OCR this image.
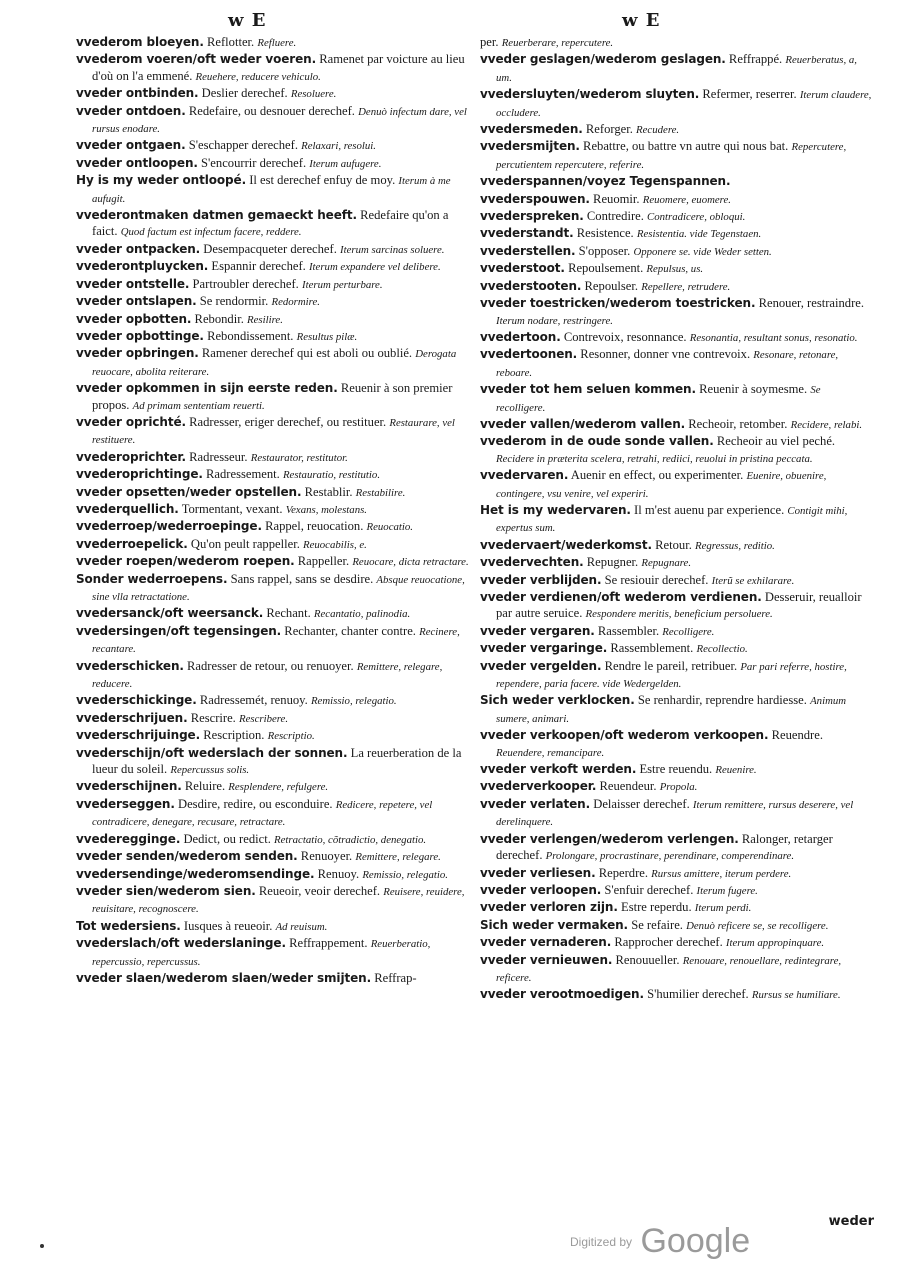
w E	w E

vvederom bloeyen. Reflotter. Refluere.

vvederom voeren/oft weder voeren. Ramenet par voicture au lieu d'où on l'a emmené. Reuehere, reducere vehiculo.

vveder ontbinden. Deslier derechef. Resoluere.

vveder ontdoen. Redefaire, ou desnouer derechef. Denuò infectum dare, vel rursus enodare.

vveder ontgaen. S'eschapper derechef. Relaxari, resolui.

vveder ontloopen. S'encourrir derechef. Iterum aufugere.

Hy is my weder ontloopé. Il est derechef enfuy de moy. Iterum à me aufugit.

vvederontmaken datmen gemaeckt heeft. Redefaire qu'on a faict. Quod factum est infectum facere, reddere.

vveder ontpacken. Desempacqueter derechef. Iterum sarcinas soluere.

vvederontpluycken. Espannir derechef. Iterum expandere vel delibere.

vveder ontstelle. Partroubler derechef. Iterum perturbare.

vveder ontslapen. Se rendormir. Redormire.

vveder opbotten. Rebondir. Resilire.

vveder opbottinge. Rebondissement. Resultus pilæ.

vveder opbringen. Ramener derechef qui est aboli ou oublié. Derogata reuocare, abolita reiterare.

vveder opkommen in sijn eerste reden. Reuenir à son premier propos. Ad primam sententiam reuerti.

vveder oprichté. Radresser, eriger derechef, ou restituer. Restaurare, vel restituere.

vvederoprichter. Radresseur. Restaurator, restitutor.

vvederoprichtinge. Radressement. Restauratio, restitutio.

vveder opsetten/weder opstellen. Restablir. Restabilire.

vvederquellich. Tormentant, vexant. Vexans, molestans.

vvederroep/wederroepinge. Rappel, reuocation. Reuocatio.

vvederroepelick. Qu'on peult rappeller. Reuocabilis, e.

vveder roepen/wederom roepen. Rappeller. Reuocare, dicta retractare.

Sonder wederroepens. Sans rappel, sans se desdire. Absque reuocatione, sine vlla retractatione.

vvedersanck/oft weersanck. Rechant. Recantatio, palinodia.

vvedersingen/oft tegensingen. Rechanter, chanter contre. Recinere, recantare.

vvederschicken. Radresser de retour, ou renuoyer. Remittere, relegare, reducere.

vvederschickinge. Radressemét, renuoy. Remissio, relegatio.

vvederschrijuen. Rescrire. Rescribere.

vvederschrijuinge. Rescription. Rescriptio.

vvederschijn/oft wederslach der sonnen. La reuerberation de la lueur du soleil. Repercussus solis.

vvederschijnen. Reluire. Resplendere, refulgere.

vvederseggen. Desdire, redire, ou esconduire. Redicere, repetere, vel contradicere, denegare, recusare, retractare.

vvederegginge. Dedict, ou redict. Retractatio, cõtradictio, denegatio.

vveder senden/wederom senden. Renuoyer. Remittere, relegare.

vvedersendinge/wederomsendinge. Renuoy. Remissio, relegatio.

vveder sien/wederom sien. Reueoir, veoir derechef. Reuisere, reuidere, reuisitare, recognoscere.

Tot wedersiens. Iusques à reueoir. Ad reuisum.

vvederslach/oft wederslaninge. Reffrappement. Reuerberatio, repercussio, repercussus.

vveder slaen/wederom slaen/weder smijten. Reffrap-

per. Reuerberare, repercutere.

vveder geslagen/wederom geslagen. Reffrappé. Reuerberatus, a, um.

vvedersluyten/wederom sluyten. Refermer, reserrer. Iterum claudere, occludere.

vvedersmeden. Reforger. Recudere.

vvedersmijten. Rebattre, ou battre vn autre qui nous bat. Repercutere, percutientem repercutere, referire.

vvederspannen/voyez Tegenspannen.

vvederspouwen. Reuomir. Reuomere, euomere.

vvederspreken. Contredire. Contradicere, obloqui.

vvederstandt. Resistence. Resistentia. vide Tegenstaen.

vvederstellen. S'opposer. Opponere se. vide Weder setten.

vvederstoot. Repoulsement. Repulsus, us.

vvederstooten. Repoulser. Repellere, retrudere.

vveder toestricken/wederom toestricken. Renouer, restraindre. Iterum nodare, restringere.

vvedertoon. Contrevoix, resonnance. Resonantia, resultant sonus, resonatio.

vvedertoonen. Resonner, donner vne contrevoix. Resonare, retonare, reboare.

vveder tot hem seluen kommen. Reuenir à soymesme. Se recolligere.

vveder vallen/wederom vallen. Recheoir, retomber. Recidere, relabi.

vvederom in de oude sonde vallen. Recheoir au viel peché. Recidere in præterita scelera, retrahi, rediici, reuolui in pristina peccata.

vvedervaren. Auenir en effect, ou experimenter. Euenire, obuenire, contingere, vsu venire, vel experiri.

Het is my wedervaren. Il m'est auenu par experience. Contigit mihi, expertus sum.

vvedervaert/wederkomst. Retour. Regressus, reditio.

vvedervechten. Repugner. Repugnare.

vveder verblijden. Se resiouir derechef. Iterũ se exhilarare.

vveder verdienen/oft wederom verdienen. Desseruir, reualloir par autre seruice. Respondere meritis, beneficium persoluere.

vveder vergaren. Rassembler. Recolligere.

vveder vergaringe. Rassemblement. Recollectio.

vveder vergelden. Rendre le pareil, retribuer. Par pari referre, hostire, rependere, paria facere. vide Wedergelden.

Sich weder verklocken. Se renhardir, reprendre hardiesse. Animum sumere, animari.

vveder verkoopen/oft wederom verkoopen. Reuendre. Reuendere, remancipare.

vveder verkoft werden. Estre reuendu. Reuenire.

vvederverkooper. Reuendeur. Propola.

vveder verlaten. Delaisser derechef. Iterum remittere, rursus deserere, vel derelinquere.

vveder verlengen/wederom verlengen. Ralonger, retarger derechef. Prolongare, procrastinare, perendinare, comperendinare.

vveder verliesen. Reperdre. Rursus amittere, iterum perdere.

vveder verloopen. S'enfuir derechef. Iterum fugere.

vveder verloren zijn. Estre reperdu. Iterum perdi.

Sich weder vermaken. Se refaire. Denuò reficere se, se recolligere.

vveder vernaderen. Rapprocher derechef. Iterum appropinquare.

vveder vernieuwen. Renouueller. Renouare, renouellare, redintegrare, reficere.

vveder verootmoedigen. S'humilier derechef. Rursus se humiliare.

weder
$^{Digitized by}$ Google
